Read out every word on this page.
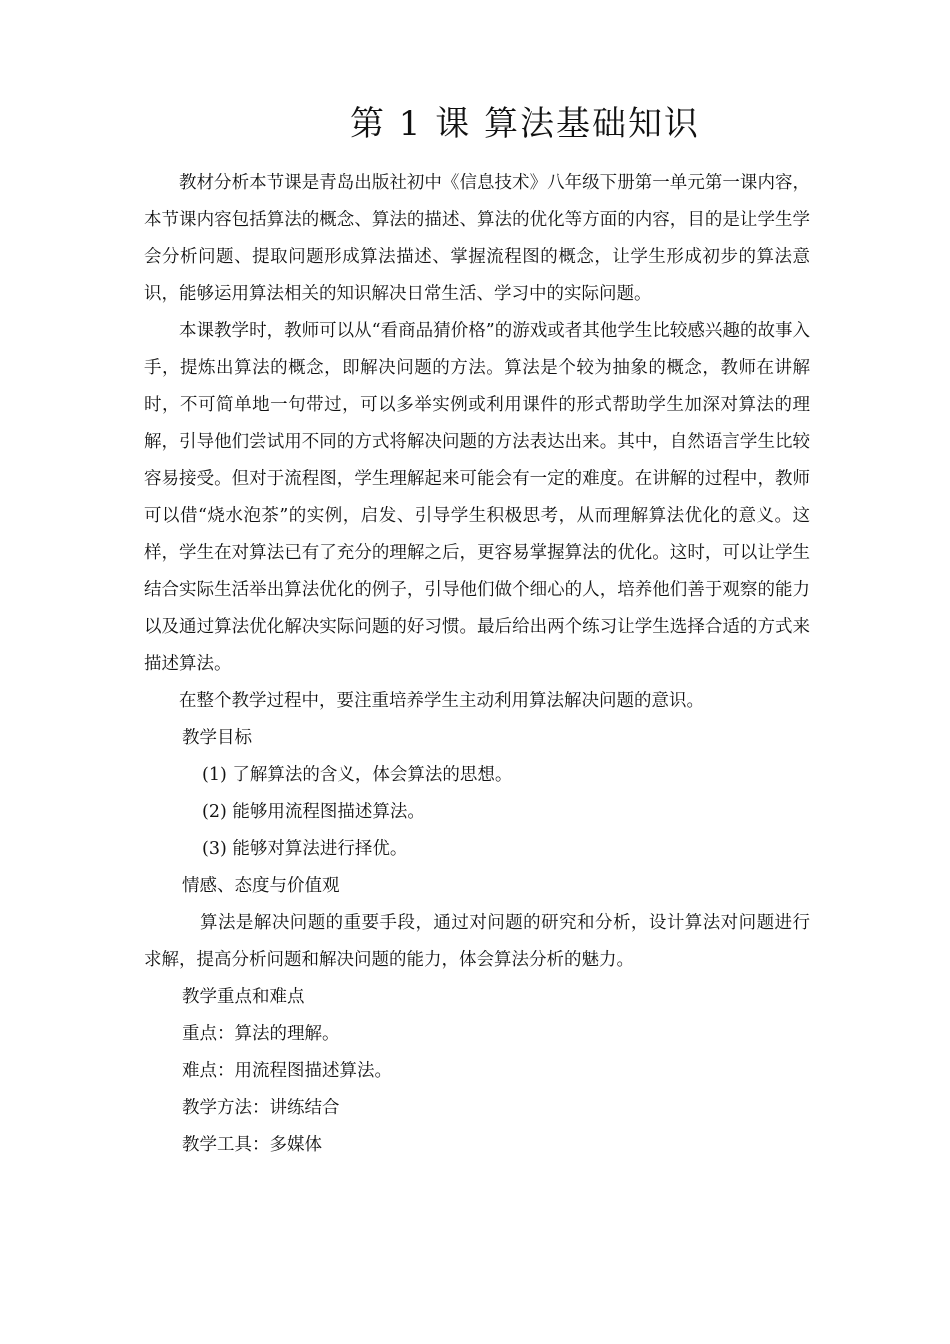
第 1 课 算法基础知识

教材分析本节课是青岛出版社初中《信息技术》八年级下册第一单元第一课内容，本节课内容包括算法的概念、算法的描述、算法的优化等方面的内容，目的是让学生学会分析问题、提取问题形成算法描述、掌握流程图的概念，让学生形成初步的算法意识，能够运用算法相关的知识解决日常生活、学习中的实际问题。

本课教学时，教师可以从“看商品猜价格”的游戏或者其他学生比较感兴趣的故事入手，提炼出算法的概念，即解决问题的方法。算法是个较为抽象的概念，教师在讲解时，不可简单地一句带过，可以多举实例或利用课件的形式帮助学生加深对算法的理解，引导他们尝试用不同的方式将解决问题的方法表达出来。其中，自然语言学生比较容易接受。但对于流程图，学生理解起来可能会有一定的难度。在讲解的过程中，教师可以借“烧水泡茶”的实例，启发、引导学生积极思考，从而理解算法优化的意义。这样，学生在对算法已有了充分的理解之后，更容易掌握算法的优化。这时，可以让学生结合实际生活举出算法优化的例子，引导他们做个细心的人，培养他们善于观察的能力以及通过算法优化解决实际问题的好习惯。最后给出两个练习让学生选择合适的方式来描述算法。

在整个教学过程中，要注重培养学生主动利用算法解决问题的意识。

教学目标

(1) 了解算法的含义，体会算法的思想。

(2) 能够用流程图描述算法。

(3) 能够对算法进行择优。

情感、态度与价值观

算法是解决问题的重要手段，通过对问题的研究和分析，设计算法对问题进行求解，提高分析问题和解决问题的能力，体会算法分析的魅力。

教学重点和难点

重点：算法的理解。

难点：用流程图描述算法。

教学方法：讲练结合

教学工具：多媒体
